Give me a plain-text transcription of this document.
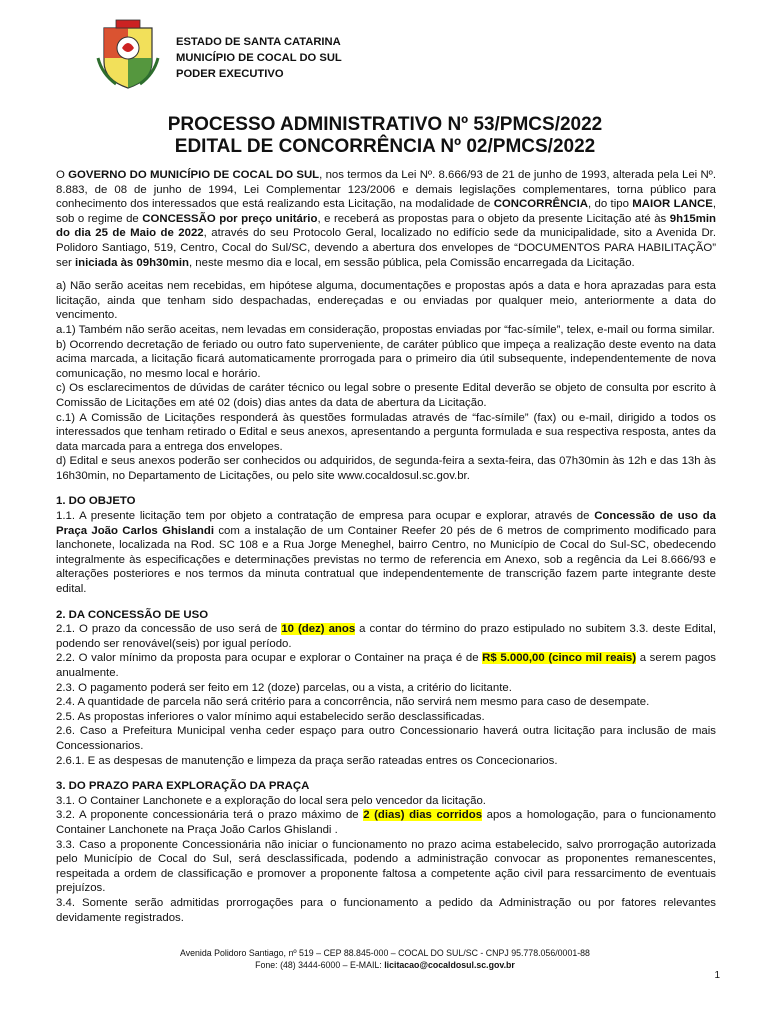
ESTADO DE SANTA CATARINA
MUNICÍPIO DE COCAL DO SUL
PODER EXECUTIVO
PROCESSO ADMINISTRATIVO Nº 53/PMCS/2022
EDITAL DE CONCORRÊNCIA Nº 02/PMCS/2022

O GOVERNO DO MUNICÍPIO DE COCAL DO SUL, nos termos da Lei Nº. 8.666/93 de 21 de junho de 1993, alterada pela Lei Nº. 8.883, de 08 de junho de 1994, Lei Complementar 123/2006 e demais legislações complementares, torna público para conhecimento dos interessados que está realizando esta Licitação, na modalidade de CONCORRÊNCIA, do tipo MAIOR LANCE, sob o regime de CONCESSÃO por preço unitário, e receberá as propostas para o objeto da presente Licitação até às 9h15min do dia 25 de Maio de 2022, através do seu Protocolo Geral, localizado no edifício sede da municipalidade, sito a Avenida Dr. Polidoro Santiago, 519, Centro, Cocal do Sul/SC, devendo a abertura dos envelopes de “DOCUMENTOS PARA HABILITAÇÃO” ser iniciada às 09h30min, neste mesmo dia e local, em sessão pública, pela Comissão encarregada da Licitação.

a) Não serão aceitas nem recebidas, em hipótese alguma, documentações e propostas após a data e hora aprazadas para esta licitação, ainda que tenham sido despachadas, endereçadas e ou enviadas por qualquer meio, anteriormente a data do vencimento.

a.1) Também não serão aceitas, nem levadas em consideração, propostas enviadas por “fac-símile”, telex, e-mail ou forma similar.

b) Ocorrendo decretação de feriado ou outro fato superveniente, de caráter público que impeça a realização deste evento na data acima marcada, a licitação ficará automaticamente prorrogada para o primeiro dia útil subsequente, independentemente de nova comunicação, no mesmo local e horário.

c) Os esclarecimentos de dúvidas de caráter técnico ou legal sobre o presente Edital deverão se objeto de consulta por escrito à Comissão de Licitações em até 02 (dois) dias antes da data de abertura da Licitação.

c.1) A Comissão de Licitações responderá às questões formuladas através de “fac-símile” (fax) ou e-mail, dirigido a todos os interessados que tenham retirado o Edital e seus anexos, apresentando a pergunta formulada e sua respectiva resposta, antes da data marcada para a entrega dos envelopes.

d) Edital e seus anexos poderão ser conhecidos ou adquiridos, de segunda-feira a sexta-feira, das 07h30min às 12h e das 13h às 16h30min, no Departamento de Licitações, ou pelo site www.cocaldosul.sc.gov.br.

1. DO OBJETO

1.1. A presente licitação tem por objeto a contratação de empresa para ocupar e explorar, através de Concessão de uso da Praça João Carlos Ghislandi com a instalação de um Container Reefer 20 pés de 6 metros de comprimento modificado para lanchonete, localizada na Rod. SC 108 e a Rua Jorge Meneghel, bairro Centro, no Município de Cocal do Sul-SC, obedecendo integralmente às especificações e determinações previstas no termo de referencia em Anexo, sob a regência da Lei 8.666/93 e alterações posteriores e nos termos da minuta contratual que independentemente de transcrição fazem parte integrante deste edital.

2. DA CONCESSÃO DE USO

2.1. O prazo da concessão de uso será de 10 (dez) anos a contar do término do prazo estipulado no subitem 3.3. deste Edital, podendo ser renovável(seis) por igual período.

2.2. O valor mínimo da proposta para ocupar e explorar o Container na praça é de R$ 5.000,00 (cinco mil reais) a serem pagos anualmente.

2.3. O pagamento poderá ser feito em 12 (doze) parcelas, ou a vista, a critério do licitante.

2.4. A quantidade de parcela não será critério para a concorrência, não servirá nem mesmo para caso de desempate.

2.5. As propostas inferiores o valor mínimo aqui estabelecido serão desclassificadas.

2.6. Caso a Prefeitura Municipal venha ceder espaço para outro Concessionario haverá outra licitação para inclusão de mais Concessionarios.

2.6.1. E as despesas de manutenção e limpeza da praça serão rateadas entres os Concecionarios.

3. DO PRAZO PARA EXPLORAÇÃO DA PRAÇA

3.1. O Container Lanchonete e a exploração do local sera pelo vencedor da licitação.

3.2. A proponente concessionária terá o prazo máximo de 2 (dias) dias corridos apos a homologação, para o funcionamento Container Lanchonete na Praça João Carlos Ghislandi .

3.3. Caso a proponente Concessionária não iniciar o funcionamento no prazo acima estabelecido, salvo prorrogação autorizada pelo Município de Cocal do Sul, será desclassificada, podendo a administração convocar as proponentes remanescentes, respeitada a ordem de classificação e promover a proponente faltosa a competente ação civil para ressarcimento de eventuais prejuízos.

3.4. Somente serão admitidas prorrogações para o funcionamento a pedido da Administração ou por fatores relevantes devidamente registrados.

Avenida Polidoro Santiago, nº 519 – CEP 88.845-000 – COCAL DO SUL/SC - CNPJ 95.778.056/0001-88
Fone: (48) 3444-6000 – E-MAIL: licitacao@cocaldosul.sc.gov.br
1
